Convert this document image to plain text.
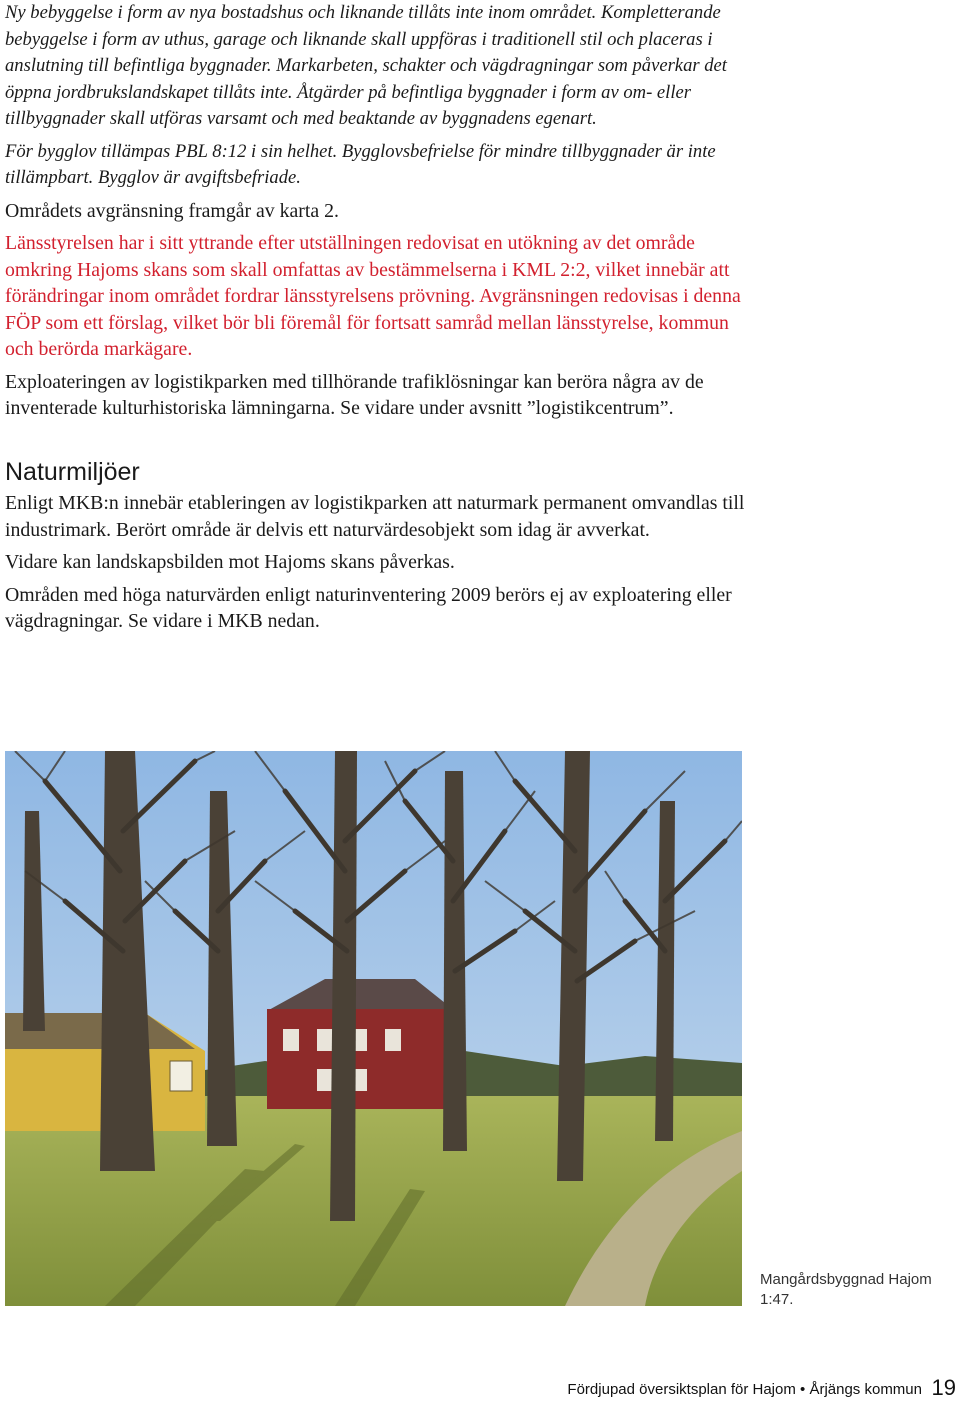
Ny bebyggelse i form av nya bostadshus och liknande tillåts inte inom området. Kompletterande bebyggelse i form av uthus, garage och liknande skall uppföras i traditionell stil och placeras i anslutning till befintliga byggnader. Markarbeten, schakter och vägdragningar som påverkar det öppna jordbrukslandskapet tillåts inte. Åtgärder på befintliga byggnader i form av om- eller tillbyggnader skall utföras varsamt och med beaktande av byggnadens egenart.

För bygglov tillämpas PBL 8:12 i sin helhet. Bygglovsbefrielse för mindre tillbyggnader är inte tillämpbart. Bygglov är avgiftsbefriade.

Områdets avgränsning framgår av karta 2.

Länsstyrelsen har i sitt yttrande efter utställningen redovisat en utökning av det område omkring Hajoms skans som skall omfattas av bestämmelserna i KML 2:2, vilket innebär att förändringar inom området fordrar länsstyrelsens prövning. Avgränsningen redovisas i denna FÖP som ett förslag, vilket bör bli föremål för fortsatt samråd mellan länsstyrelse, kommun och berörda markägare.

Exploateringen av logistikparken med tillhörande trafiklösningar kan beröra några av de inventerade kulturhistoriska lämningarna. Se vidare under avsnitt ”logistikcentrum”.

Naturmiljöer

Enligt MKB:n innebär etableringen av logistikparken att naturmark permanent omvandlas till industrimark. Berört område är delvis ett naturvärdesobjekt som idag är avverkat.

Vidare kan landskapsbilden mot Hajoms skans påverkas.

Områden med höga naturvärden enligt naturinventering 2009 berörs ej av exploatering eller vägdragningar. Se vidare i MKB nedan.

Mangårdsbyggnad Hajom 1:47.
Fördjupad översiktsplan för Hajom • Årjängs kommun 19
